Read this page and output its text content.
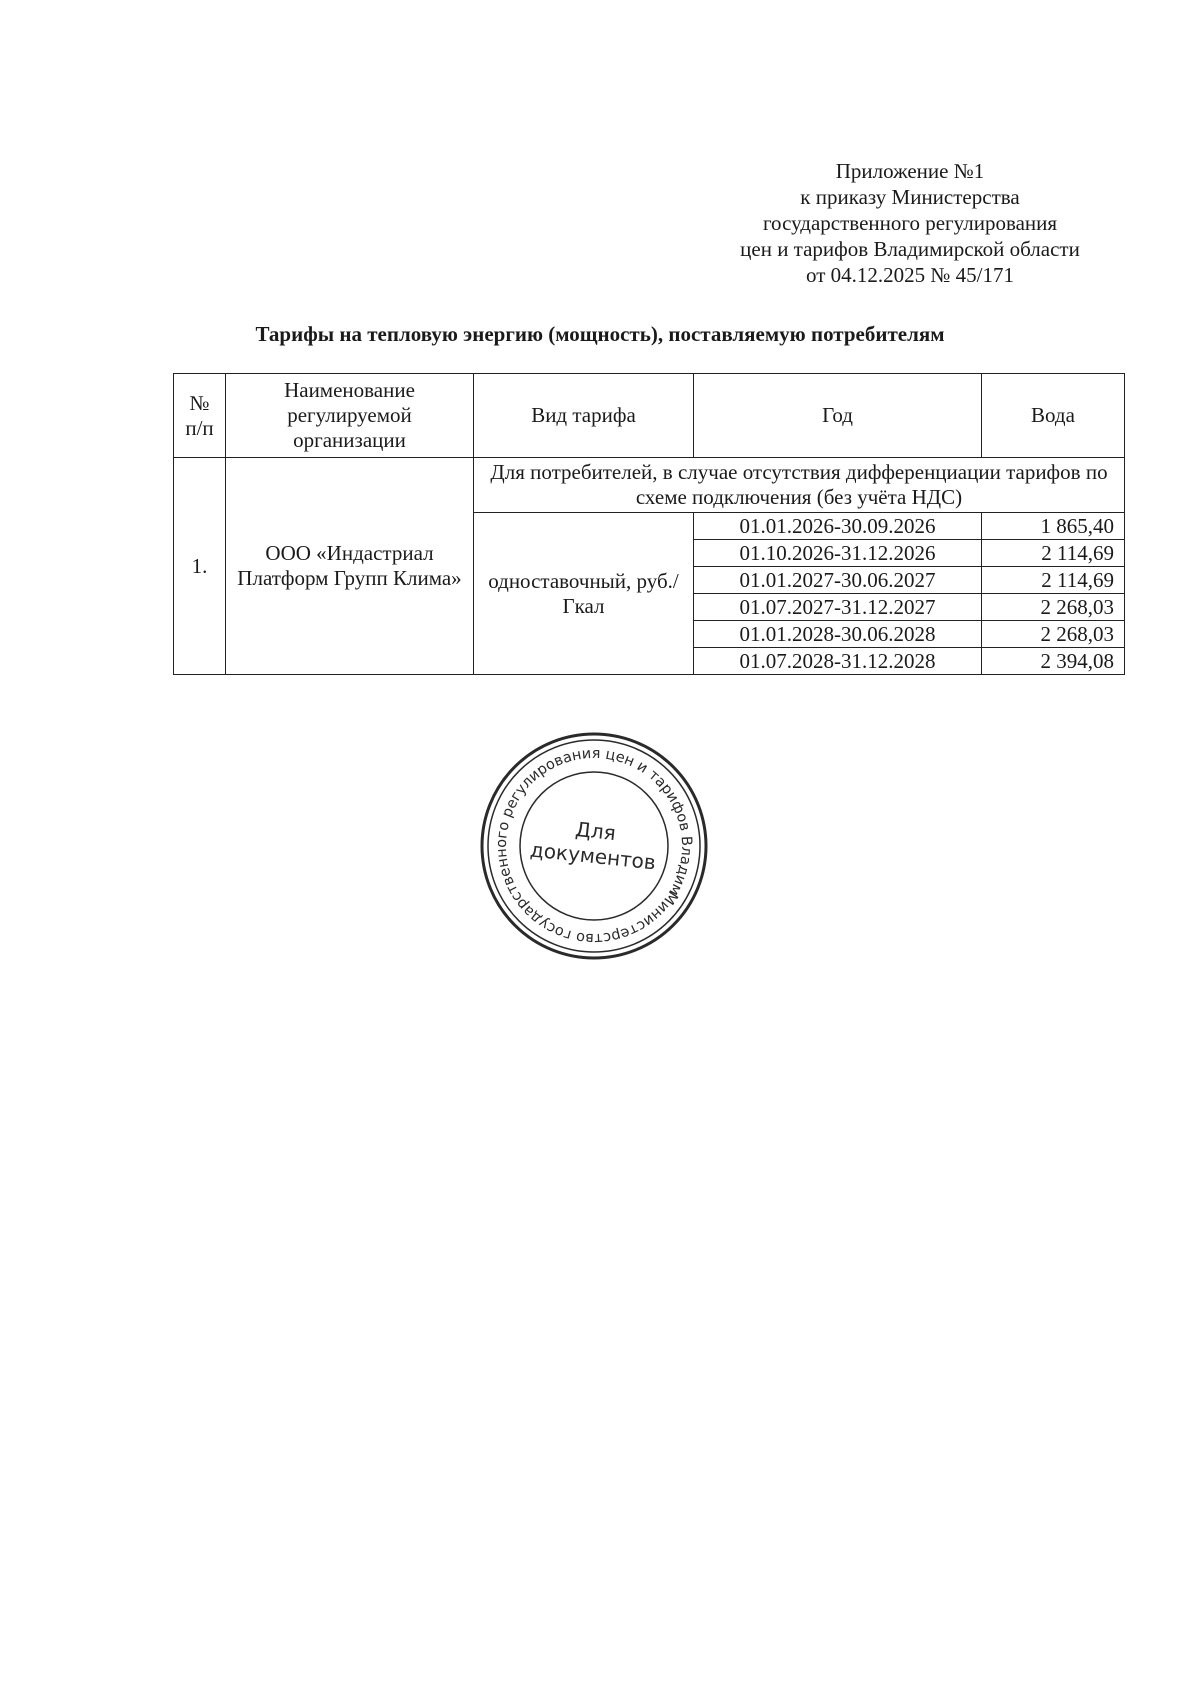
Приложение №1
к приказу Министерства
государственного регулирования
цен и тарифов Владимирской области
от 04.12.2025 № 45/171
Тарифы на тепловую энергию (мощность), поставляемую потребителям
№ п/п	Наименование регулируемой организации	Вид тарифа	Год	Вода
1.	ООО «Индастриал Платформ Групп Клима»	Для потребителей, в случае отсутствия дифференциации тарифов по схеме подключения (без учёта НДС)		
		одноставочный, руб./Гкал	01.01.2026-30.09.2026	1 865,40
			01.10.2026-31.12.2026	2 114,69
			01.01.2027-30.06.2027	2 114,69
			01.07.2027-31.12.2027	2 268,03
			01.01.2028-30.06.2028	2 268,03
			01.07.2028-31.12.2028	2 394,08
Министерство государственного регулирования цен и тарифов Владимирской
Для
документов
